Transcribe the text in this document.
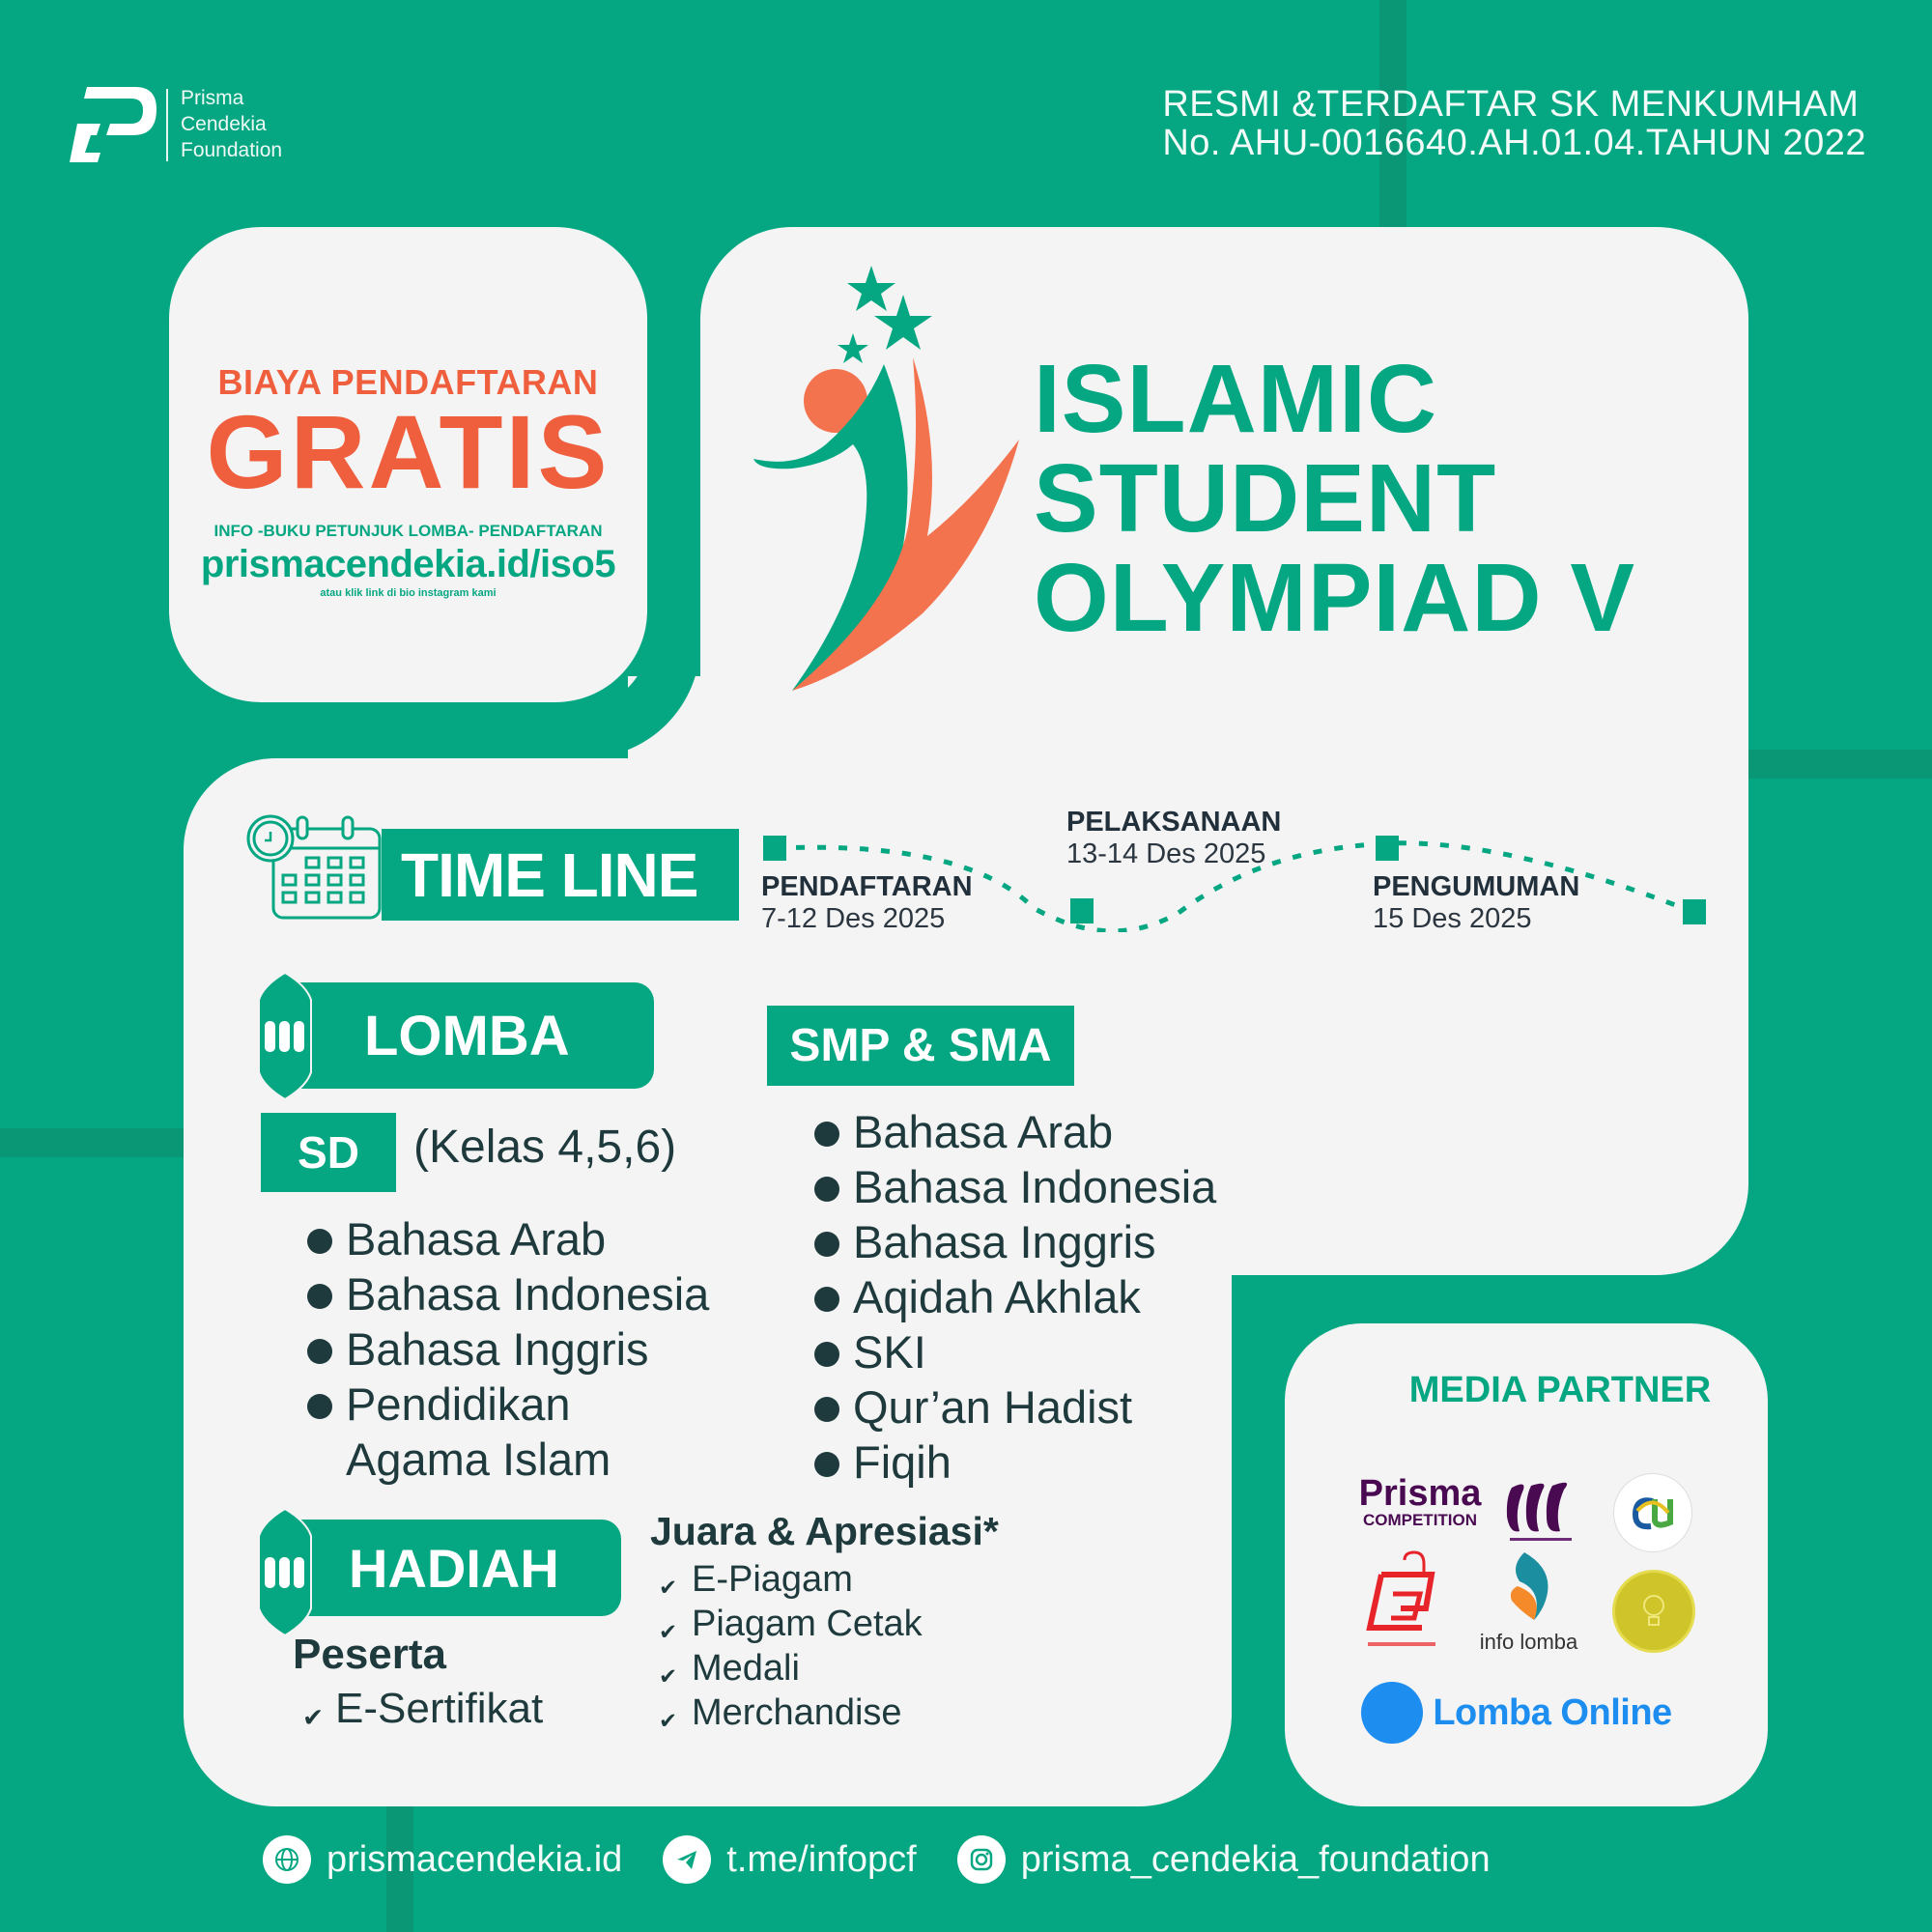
Prisma
Cendekia
Foundation
RESMI &TERDAFTAR SK MENKUMHAM
No. AHU-0016640.AH.01.04.TAHUN 2022
BIAYA PENDAFTARAN
GRATIS
INFO -BUKU PETUNJUK LOMBA- PENDAFTARAN
prismacendekia.id/iso5
atau klik link di bio instagram kami
ISLAMIC
STUDENT
OLYMPIAD V
TIME LINE	PENDAFTARAN
7-12 Des 2025
PELAKSANAAN
13-14 Des 2025
PENGUMUMAN
15 Des 2025
LOMBA
SD	(Kelas 4,5,6)
Bahasa Arab
Bahasa Indonesia
Bahasa Inggris
Pendidikan Agama Islam
SMP & SMA
Bahasa Arab
Bahasa Indonesia
Bahasa Inggris
Aqidah Akhlak
SKI
Qur’an Hadist
Fiqih
HADIAH
Peserta
✔ E-Sertifikat
Juara & Apresiasi*
✔ E-Piagam
✔ Piagam Cetak
✔ Medali
✔ Merchandise
MEDIA PARTNER
Prisma
COMPETITION
info lomba
Lomba Online
prismacendekia.id	t.me/infopcf	prisma_cendekia_foundation
